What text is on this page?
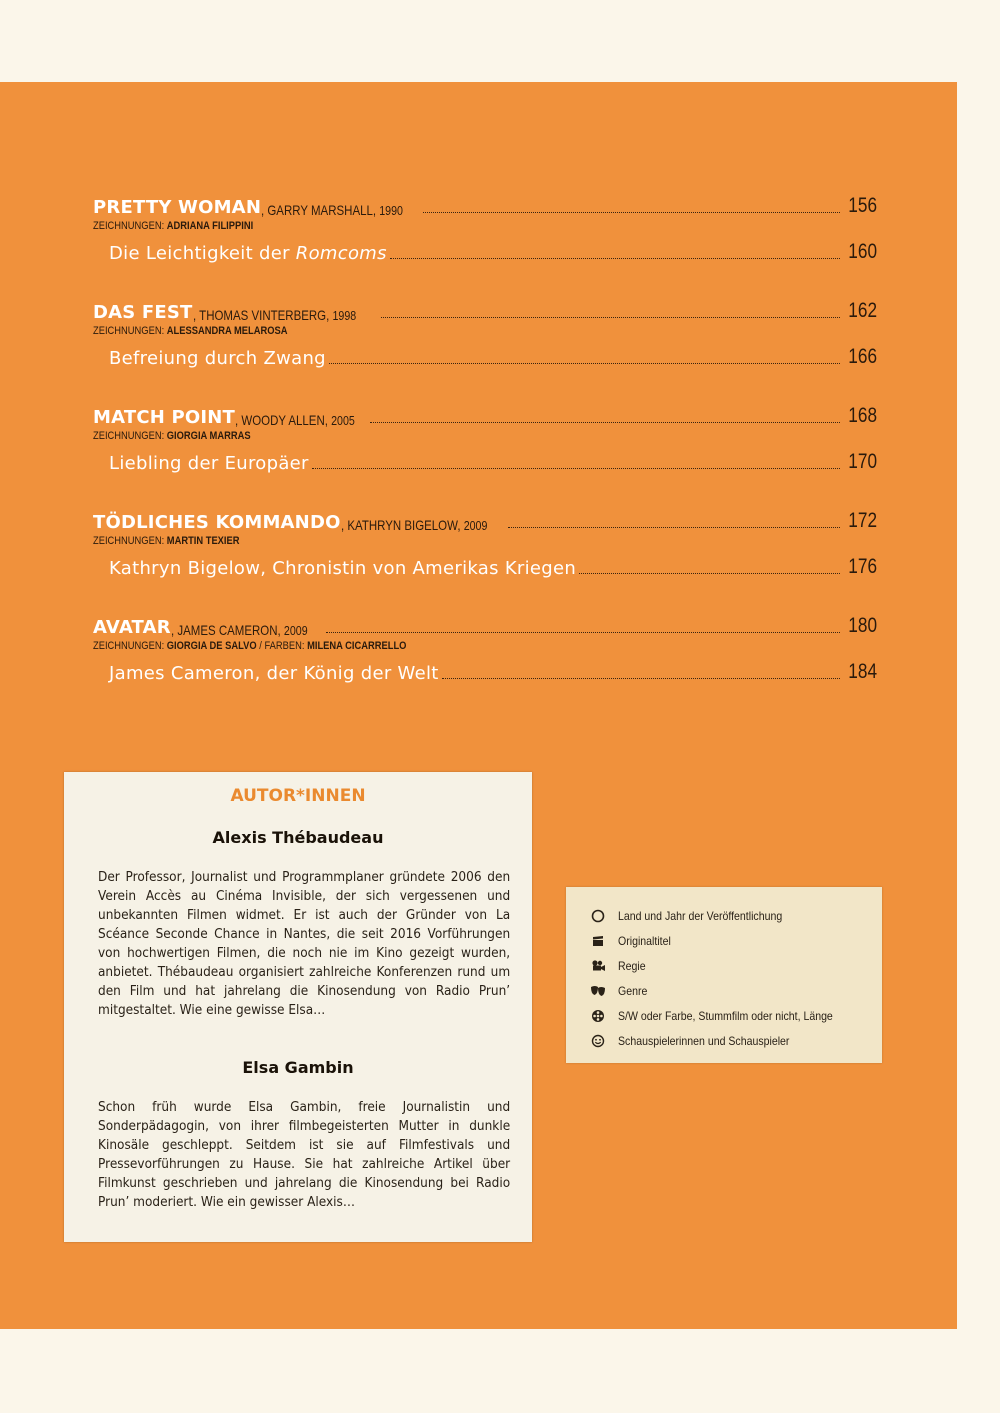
PRETTY WOMAN , GARRY MARSHALL, 1990	156
ZEICHNUNGEN: ADRIANA FILIPPINI
Die Leichtigkeit der Romcoms	160
DAS FEST , THOMAS VINTERBERG, 1998	162
ZEICHNUNGEN: ALESSANDRA MELAROSA
Befreiung durch Zwang	166
MATCH POINT , WOODY ALLEN, 2005	168
ZEICHNUNGEN: GIORGIA MARRAS
Liebling der Europäer	170
TÖDLICHES KOMMANDO , KATHRYN BIGELOW, 2009	172
ZEICHNUNGEN: MARTIN TEXIER
Kathryn Bigelow, Chronistin von Amerikas Kriegen	176
AVATAR , JAMES CAMERON, 2009	180
ZEICHNUNGEN: GIORGIA DE SALVO / FARBEN: MILENA CICARRELLO
James Cameron, der König der Welt	184
AUTOR*INNEN
Alexis Thébaudeau
Der Professor, Journalist und Programmplaner gründete 2006 den Verein Accès au Cinéma Invisible, der sich vergessenen und unbekannten Filmen widmet. Er ist auch der Gründer von La Scéance Seconde Chance in Nantes, die seit 2016 Vorführungen von hochwertigen Filmen, die noch nie im Kino gezeigt wurden, anbietet. Thébaudeau organisiert zahlreiche Konferenzen rund um den Film und hat jahrelang die Kinosendung von Radio Prun’ mitgestaltet. Wie eine gewisse Elsa…
Elsa Gambin
Schon früh wurde Elsa Gambin, freie Journalistin und Sonderpädagogin, von ihrer filmbegeisterten Mutter in dunkle Kinosäle geschleppt. Seitdem ist sie auf Filmfestivals und Pressevorführungen zu Hause. Sie hat zahlreiche Artikel über Filmkunst geschrieben und jahrelang die Kinosendung bei Radio Prun’ moderiert. Wie ein gewisser Alexis…
Land und Jahr der Veröffentlichung
Originaltitel
Regie
Genre
S/W oder Farbe, Stummfilm oder nicht, Länge
Schauspielerinnen und Schauspieler
